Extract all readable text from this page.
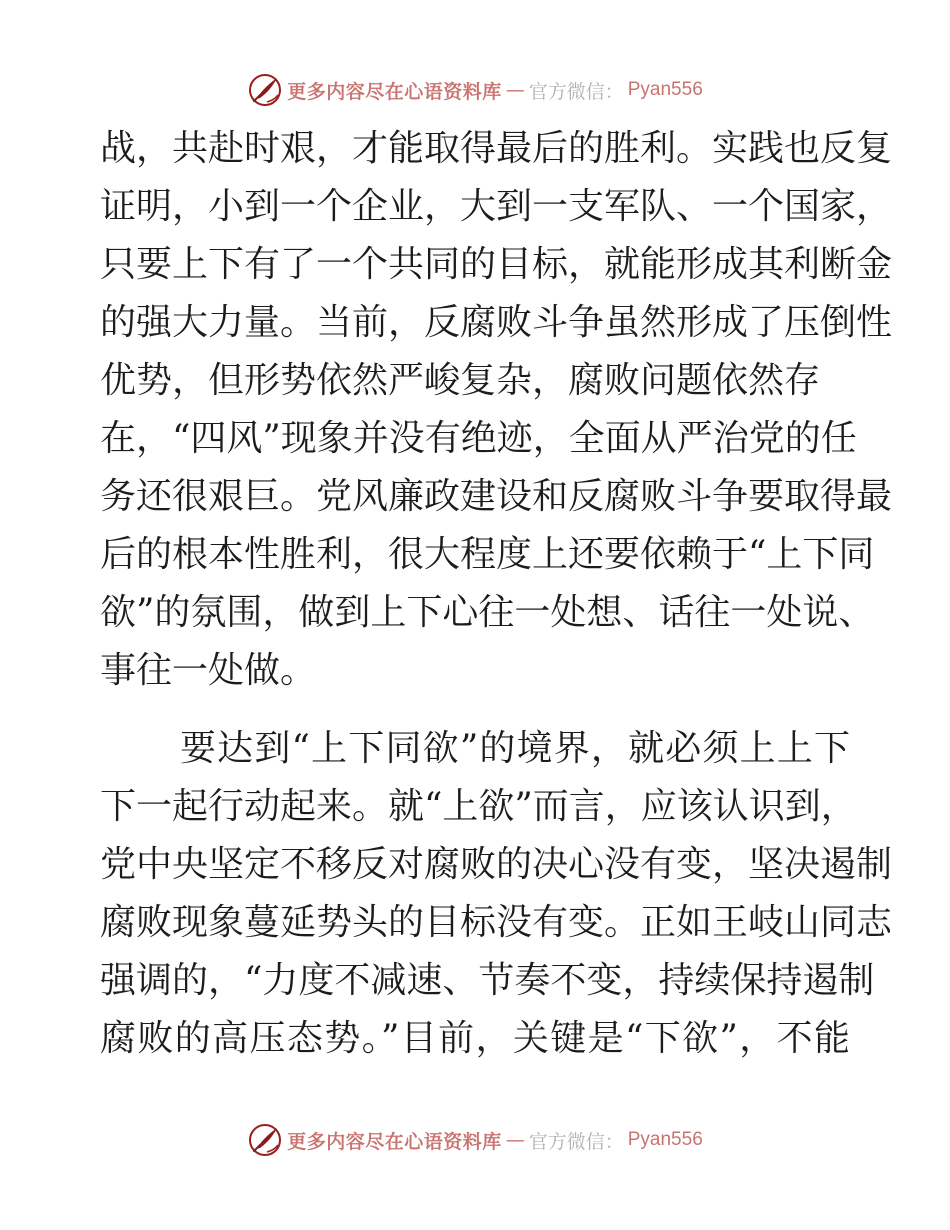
更多内容尽在心语资料库 — 官方微信： Pyan556
战，共赴时艰，才能取得最后的胜利。实践也反复
证明，小到一个企业，大到一支军队、一个国家，
只要上下有了一个共同的目标，就能形成其利断金
的强大力量。当前，反腐败斗争虽然形成了压倒性
优势，但形势依然严峻复杂，腐败问题依然存
在，“四风”现象并没有绝迹，全面从严治党的任
务还很艰巨。党风廉政建设和反腐败斗争要取得最
后的根本性胜利，很大程度上还要依赖于“上下同
欲”的氛围，做到上下心往一处想、话往一处说、
事往一处做。
要达到“上下同欲”的境界，就必须上上下
下一起行动起来。就“上欲”而言，应该认识到，
党中央坚定不移反对腐败的决心没有变，坚决遏制
腐败现象蔓延势头的目标没有变。正如王岐山同志
强调的，“力度不减速、节奏不变，持续保持遏制
腐败的高压态势。”目前，关键是“下欲”，不能
更多内容尽在心语资料库 — 官方微信： Pyan556
